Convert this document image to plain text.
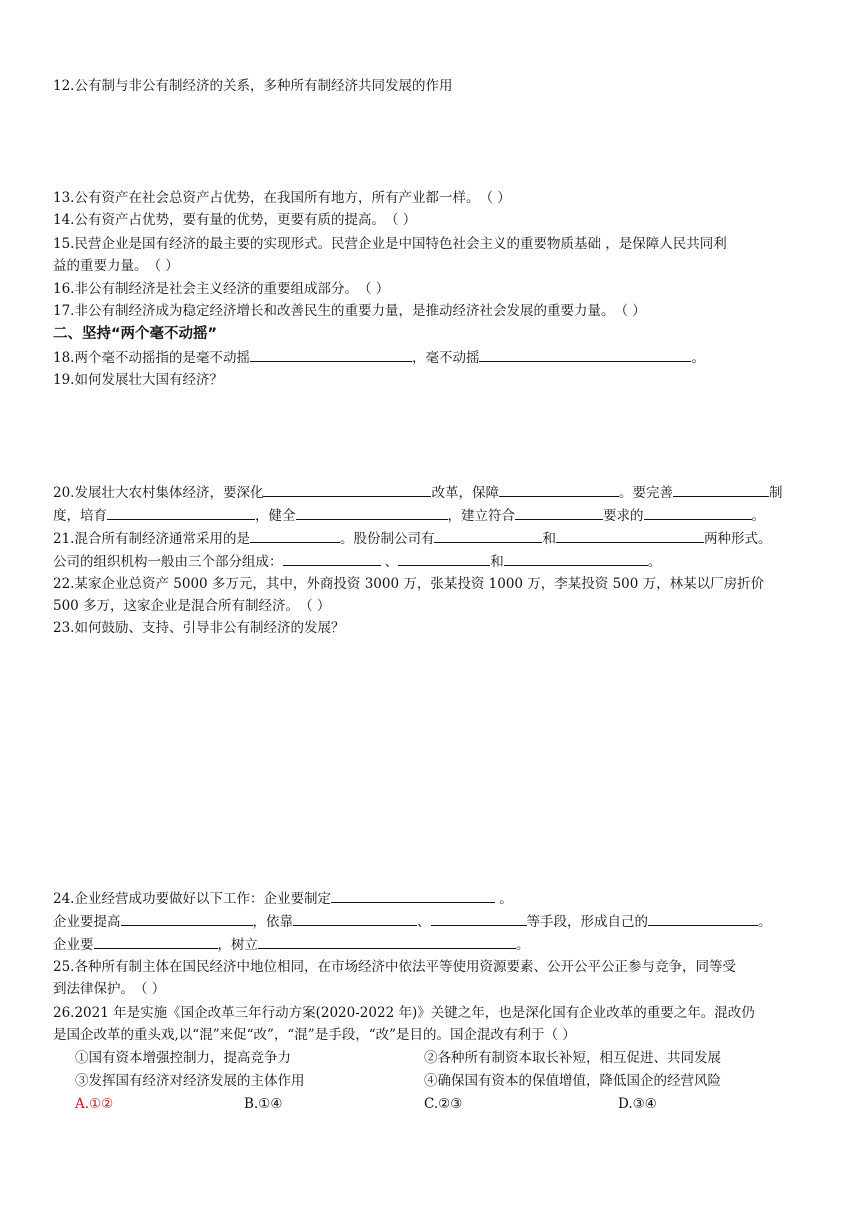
12.公有制与非公有制经济的关系，多种所有制经济共同发展的作用
13.公有资产在社会总资产占优势，在我国所有地方，所有产业都一样。（ ）
14.公有资产占优势，要有量的优势，更要有质的提高。（ ）
15.民营企业是国有经济的最主要的实现形式。民营企业是中国特色社会主义的重要物质基础 ，是保障人民共同利
益的重要力量。（ ）
16.非公有制经济是社会主义经济的重要组成部分。（ ）
17.非公有制经济成为稳定经济增长和改善民生的重要力量，是推动经济社会发展的重要力量。（ ）
二、坚持“两个毫不动摇”
18.两个毫不动摇指的是毫不动摇	，毫不动摇	。
19.如何发展壮大国有经济？
20.发展壮大农村集体经济，要深化	改革，保障	。要完善	制
度，培育	，健全	，建立符合	要求的	。
21.混合所有制经济通常采用的是	。股份制公司有	和	两种形式。
公司的组织机构一般由三个部分组成：	、	和	。
22.某家企业总资产 5000 多万元，其中，外商投资 3000 万，张某投资 1000 万，李某投资 500 万，林某以厂房折价
500 多万，这家企业是混合所有制经济。（ ）
23.如何鼓励、支持、引导非公有制经济的发展？
24.企业经营成功要做好以下工作：企业要制定	。
企业要提高	，依靠	、	等手段，形成自己的	。
企业要	，树立	。
25.各种所有制主体在国民经济中地位相同，在市场经济中依法平等使用资源要素、公开公平公正参与竞争，同等受
到法律保护。（ ）
26.2021 年是实施《国企改革三年行动方案(2020-2022 年)》关键之年，也是深化国有企业改革的重要之年。混改仍
是国企改革的重头戏,以“混”来促“改”，“混”是手段，“改”是目的。国企混改有利于（ ）
①国有资本增强控制力，提高竞争力	②各种所有制资本取长补短，相互促进、共同发展
③发挥国有经济对经济发展的主体作用	④确保国有资本的保值增值，降低国企的经营风险
A.①②	B.①④	C.②③	D.③④
